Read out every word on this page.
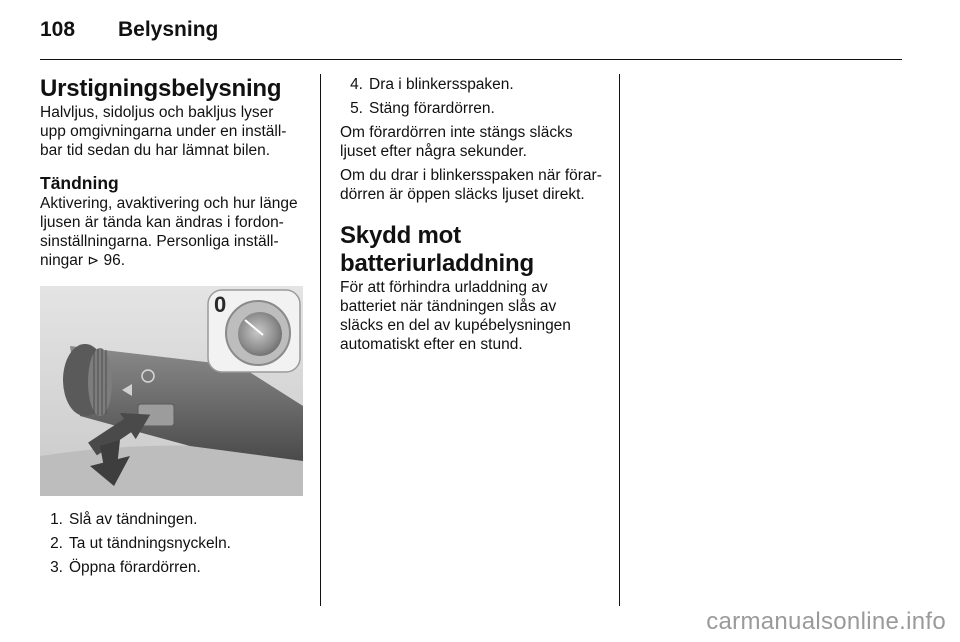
108 Belysning
Urstigningsbelysning

Halvljus, sidoljus och bakljus lyser

upp omgivningarna under en inställ-

bar tid sedan du har lämnat bilen.

Tändning

Aktivering, avaktivering och hur länge

ljusen är tända kan ändras i fordon-

sinställningarna. Personliga inställ-

ningar ⊳ 96.

0
1. Slå av tändningen.
2. Ta ut tändningsnyckeln.
3. Öppna förardörren.
4. Dra i blinkersspaken.
5. Stäng förardörren.

Om förardörren inte stängs släcks

ljuset efter några sekunder.

Om du drar i blinkersspaken när förar-

dörren är öppen släcks ljuset direkt.

Skydd mot
batteriurladdning

För att förhindra urladdning av

batteriet när tändningen slås av

släcks en del av kupébelysningen

automatiskt efter en stund.

carmanualsonline.info
